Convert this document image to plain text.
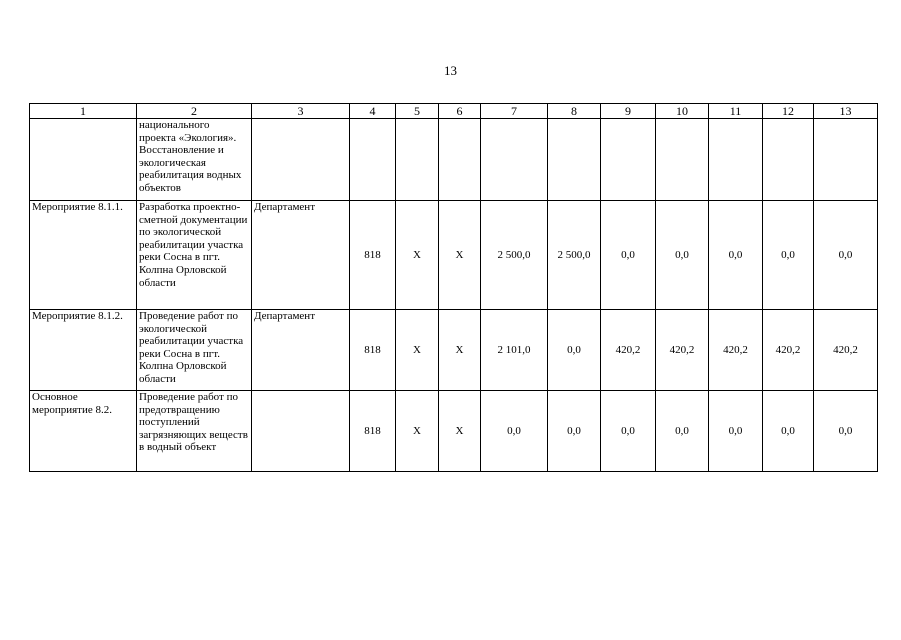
13
1	2	3	4	5	6	7	8	9	10	11	12	13
	национального проекта «Экология». Восстановление и экологическая реабилитация водных объектов											
Мероприятие 8.1.1.	Разработка проектно-сметной документации по экологической реабилитации участка реки Сосна в пгт. Колпна Орловской области	Департамент	818	Х	Х	2 500,0	2 500,0	0,0	0,0	0,0	0,0	0,0
Мероприятие 8.1.2.	Проведение работ по экологической реабилитации участка реки Сосна в пгт. Колпна Орловской области	Департамент	818	Х	Х	2 101,0	0,0	420,2	420,2	420,2	420,2	420,2
Основное мероприятие 8.2.	Проведение работ по предотвращению поступлений загрязняющих веществ в водный объект		818	Х	Х	0,0	0,0	0,0	0,0	0,0	0,0	0,0
